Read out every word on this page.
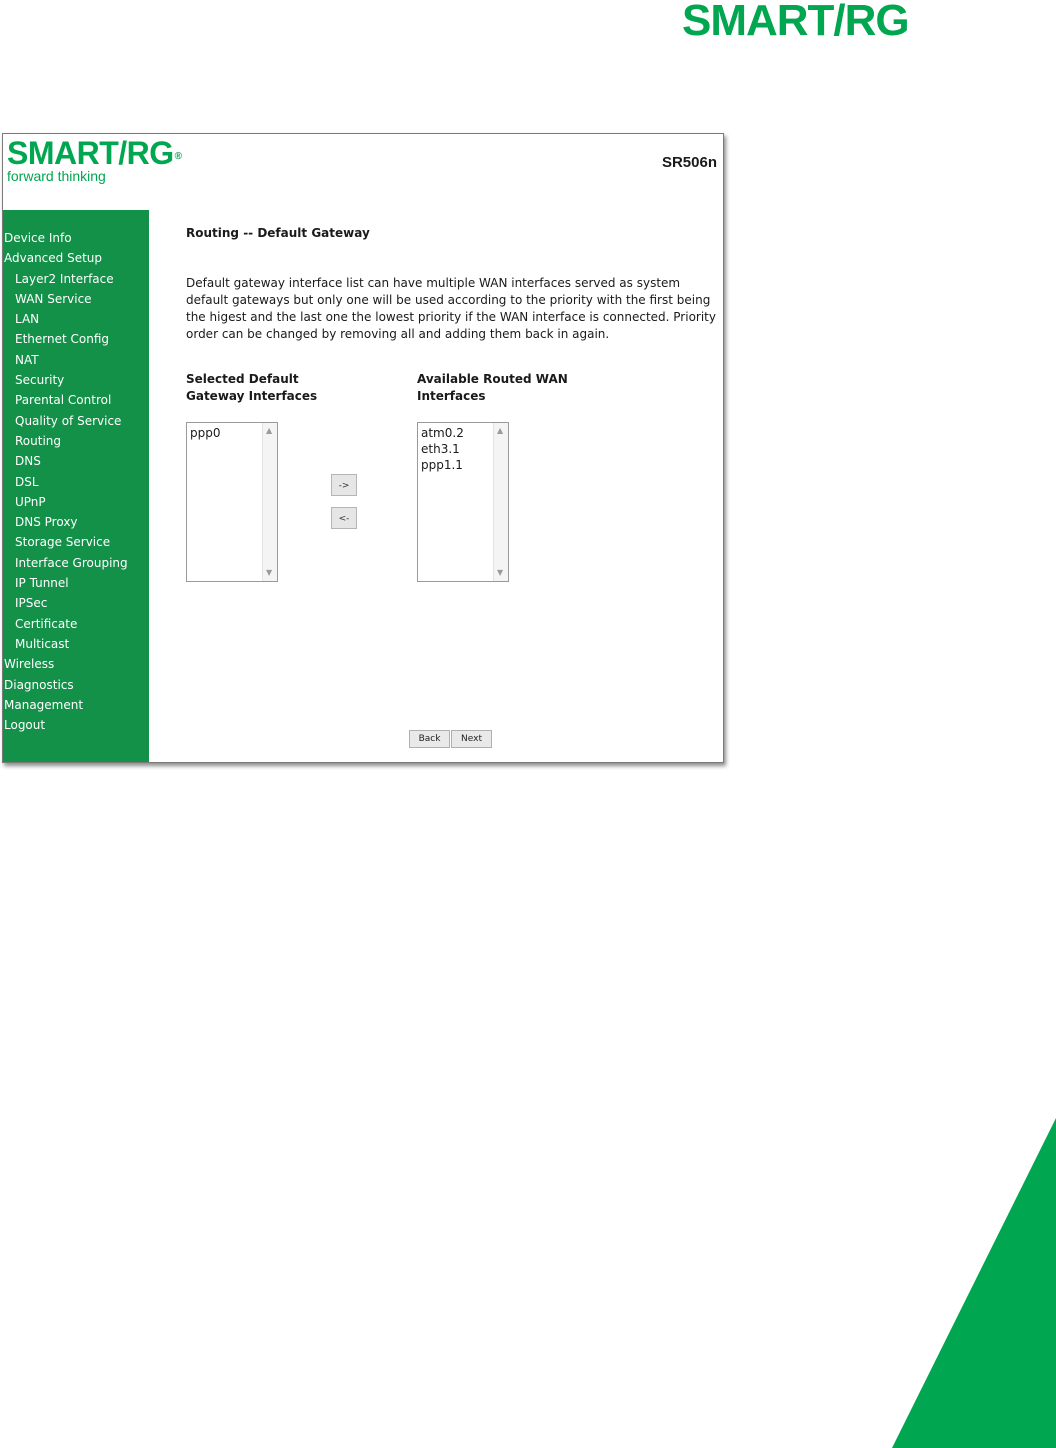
SMART/RG
SMART/RG®
forward thinking
SR506n
Device Info
Advanced Setup
Layer2 Interface
WAN Service
LAN
Ethernet Config
NAT
Security
Parental Control
Quality of Service
Routing
DNS
DSL
UPnP
DNS Proxy
Storage Service
Interface Grouping
IP Tunnel
IPSec
Certificate
Multicast
Wireless
Diagnostics
Management
Logout
Routing -- Default Gateway
Default gateway interface list can have multiple WAN interfaces served as system default gateways but only one will be used according to the priority with the first being the higest and the last one the lowest priority if the WAN interface is connected. Priority order can be changed by removing all and adding them back in again.
Selected Default
Gateway Interfaces
Available Routed WAN
Interfaces
ppp0	▲
▼
->
<-
atm0.2
eth3.1
ppp1.1
▲
▼
Back	Next
